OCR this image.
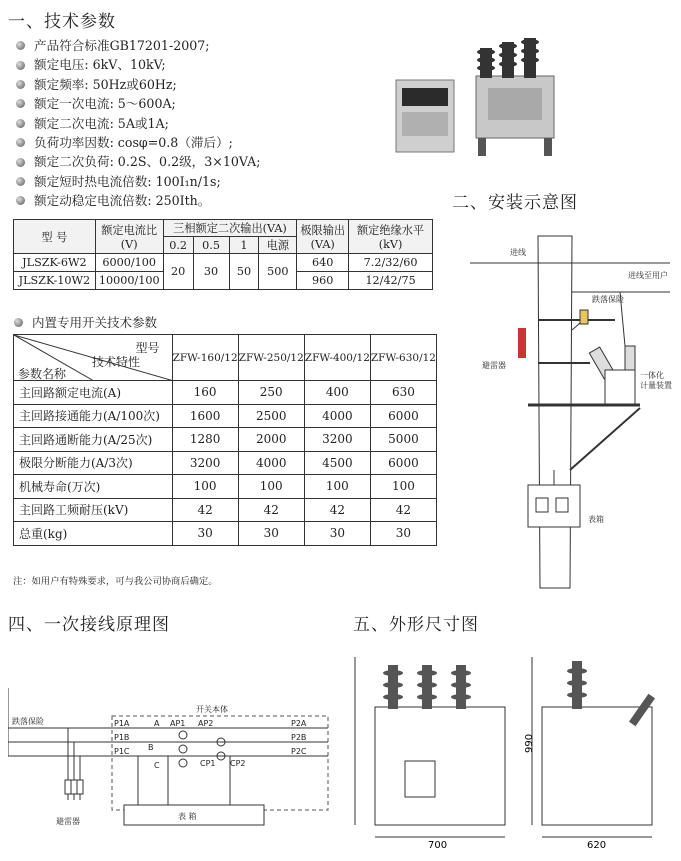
一、技术参数
二、安装示意图
四、一次接线原理图	五、外形尺寸图
产品符合标准GB17201-2007;
额定电压: 6kV、10kV;
额定频率: 50Hz或60Hz;
额定一次电流: 5～600A;
额定二次电流: 5A或1A;
负荷功率因数: cosφ=0.8（滞后）;
额定二次负荷: 0.2S、0.2级，3×10VA;
额定短时热电流倍数: 100I₁n/1s;
额定动稳定电流倍数: 250Ith。
型 号	额定电流比(V)	三相额定二次输出(VA)				极限输出(VA)	额定绝缘水平(kV)
		0.2	0.5	1	电源		
JLSZK-6W2	6000/100	20	30	50	500	640	7.2/32/60
JLSZK-10W2	10000/100					960	12/42/75
内置专用开关技术参数
型号
技术特性
参数名称	ZFW-160/12	ZFW-250/12	ZFW-400/12	ZFW-630/12
主回路额定电流(A)	160	250	400	630
主回路接通能力(A/100次)	1600	2500	4000	6000
主回路通断能力(A/25次)	1280	2000	3200	5000
极限分断能力(A/3次)	3200	4000	4500	6000
机械寿命(万次)	100	100	100	100
主回路工频耐压(kV)	42	42	42	42
总重(kg)	30	30	30	30
注：如用户有特殊要求，可与我公司协商后确定。
进线
进线至用户
跌落保险
避雷器
一体化
计量装置
表箱
跌落保险
开关本体
P1A
P1B
P1C
P2A
P2B
P2C
AP1 AP2
CP1 CP2
A
B
C
避雷器
表 箱
700
990
620
